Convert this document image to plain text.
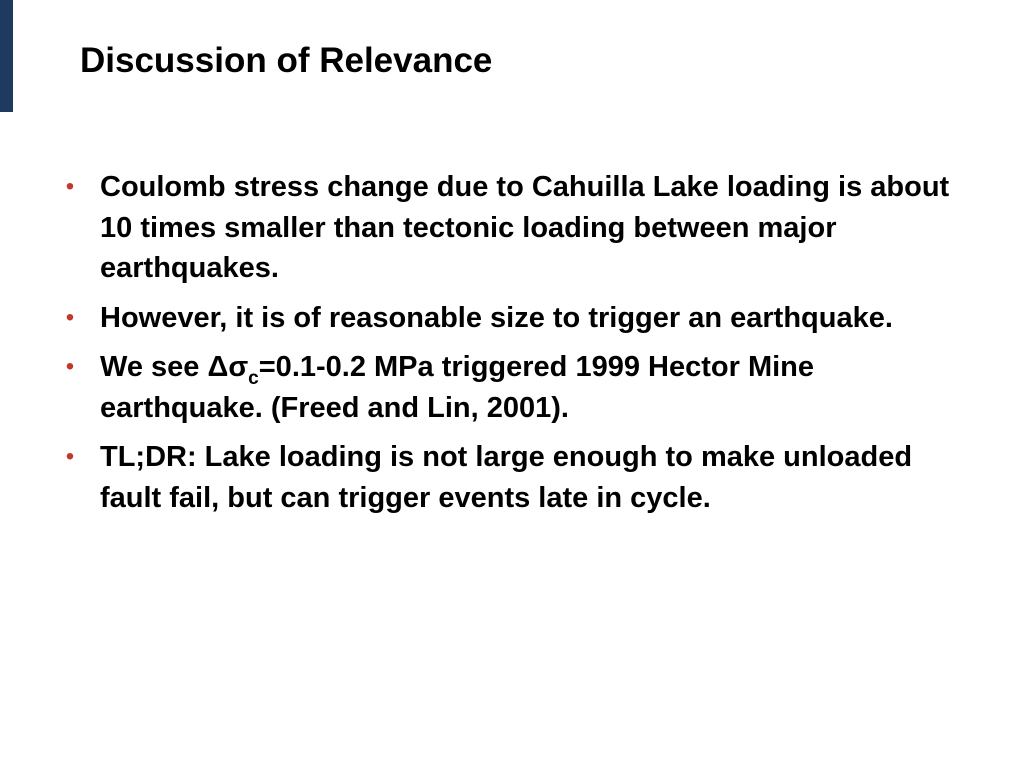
Discussion of Relevance
• Coulomb stress change due to Cahuilla Lake loading is about 10 times smaller than tectonic loading between major earthquakes.
• However, it is of reasonable size to trigger an earthquake.
• We see $\Delta\sigma_c=0.1-0.2$ MPa triggered 1999 Hector Mine earthquake. (Freed and Lin, 2001).
• TL;DR: Lake loading is not large enough to make unloaded fault fail, but can trigger events late in cycle.
